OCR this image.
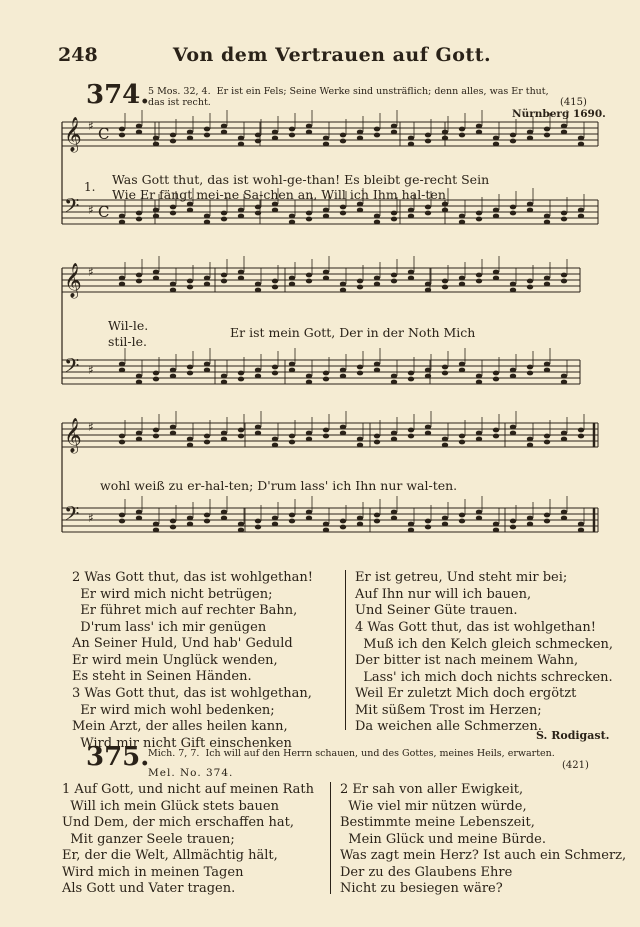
248	Von dem Vertrauen auf Gott.
374.
5 Mos. 32, 4. Er ist ein Fels; Seine Werke sind unsträflich; denn alles, was Er thut,
das ist recht.	(415)
Nürnberg 1690.
𝄞
𝄢
♯
♯
C
C
𝄞
𝄢
♯
♯
𝄞
𝄢
♯
♯
1. Was Gott thut, das ist wohl-ge-than! Es bleibt ge-recht Sein
Wie Er fängt mei-ne Sa-chen an, Will ich Ihm hal-ten
Wil-le.
stil-le.
Er ist mein Gott, Der in der Noth Mich
wohl weiß zu er-hal-ten; D'rum lass' ich Ihn nur wal-ten.
2 Was Gott thut, das ist wohlgethan!
Er wird mich nicht betrügen;
Er führet mich auf rechter Bahn,
D'rum lass' ich mir genügen
An Seiner Huld, Und hab' Geduld
Er wird mein Unglück wenden,
Es steht in Seinen Händen.
3 Was Gott thut, das ist wohlgethan,
Er wird mich wohl bedenken;
Mein Arzt, der alles heilen kann,
Wird mir nicht Gift einschenken
Er ist getreu, Und steht mir bei;
Auf Ihn nur will ich bauen,
Und Seiner Güte trauen.
4 Was Gott thut, das ist wohlgethan!
Muß ich den Kelch gleich schmecken,
Der bitter ist nach meinem Wahn,
Lass' ich mich doch nichts schrecken.
Weil Er zuletzt Mich doch ergötzt
Mit süßem Trost im Herzen;
Da weichen alle Schmerzen.
S. Rodigast.
375.
Mich. 7, 7. Ich will auf den Herrn schauen, und des Gottes, meines Heils, erwarten.
(421)
Mel. No. 374.
1 Auf Gott, und nicht auf meinen Rath
Will ich mein Glück stets bauen
Und Dem, der mich erschaffen hat,
Mit ganzer Seele trauen;
Er, der die Welt, Allmächtig hält,
Wird mich in meinen Tagen
Als Gott und Vater tragen.
2 Er sah von aller Ewigkeit,
Wie viel mir nützen würde,
Bestimmte meine Lebenszeit,
Mein Glück und meine Bürde.
Was zagt mein Herz? Ist auch ein Schmerz,
Der zu des Glaubens Ehre
Nicht zu besiegen wäre?
